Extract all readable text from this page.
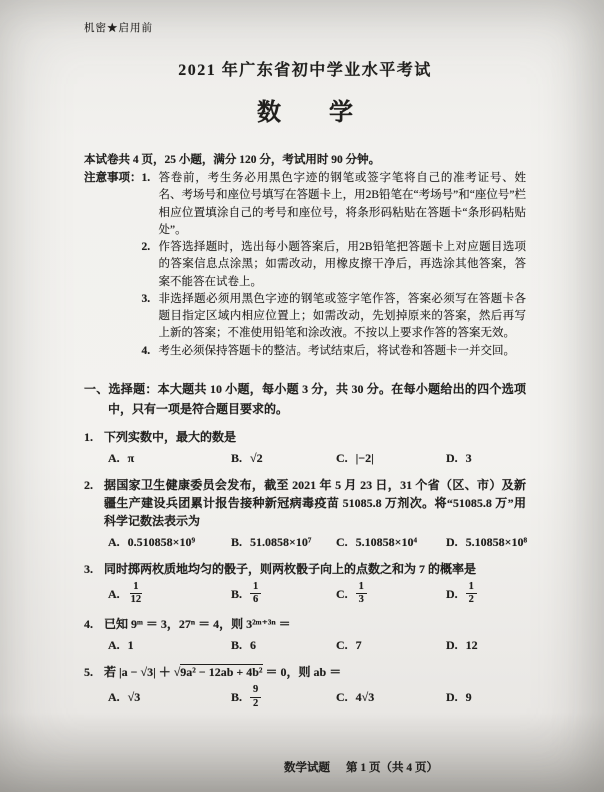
机密★启用前
2021 年广东省初中学业水平考试
数　学
本试卷共 4 页，25 小题，满分 120 分，考试用时 90 分钟。
注意事项： 1. 答卷前，考生务必用黑色字迹的钢笔或签字笔将自己的准考证号、姓名、考场号和座位号填写在答题卡上，用2B铅笔在“考场号”和“座位号”栏相应位置填涂自己的考号和座位号，将条形码粘贴在答题卡“条形码粘贴处”。
2. 作答选择题时，选出每小题答案后，用2B铅笔把答题卡上对应题目选项的答案信息点涂黑；如需改动，用橡皮擦干净后，再选涂其他答案，答案不能答在试卷上。
3. 非选择题必须用黑色字迹的钢笔或签字笔作答，答案必须写在答题卡各题目指定区域内相应位置上；如需改动，先划掉原来的答案，然后再写上新的答案；不准使用铅笔和涂改液。不按以上要求作答的答案无效。
4. 考生必须保持答题卡的整洁。考试结束后，将试卷和答题卡一并交回。
一、选择题：本大题共 10 小题，每小题 3 分，共 30 分。在每小题给出的四个选项中，只有一项是符合题目要求的。
1. 下列实数中，最大的数是
A. π	B. √2	C. |−2|	D. 3
2. 据国家卫生健康委员会发布，截至 2021 年 5 月 23 日，31 个省（区、市）及新疆生产建设兵团累计报告接种新冠病毒疫苗 51085.8 万剂次。将“51085.8 万”用科学记数法表示为
A. 0.510858×10⁹	B. 51.0858×10⁷ C. 5.10858×10⁴ D. 5.10858×10⁸
3. 同时掷两枚质地均匀的骰子，则两枚骰子向上的点数之和为 7 的概率是
A. $\frac{1}{12}$	B. $\frac{1}{6}$	C. $\frac{1}{3}$	D. $\frac{1}{2}$
4. 已知 9ᵐ ＝ 3，27ⁿ ＝ 4，则 3²ᵐ⁺³ⁿ ＝
A. 1	B. 6	C. 7	D. 12
5. 若 |a − √3| ＋ √9a² − 12ab + 4b² ＝ 0，则 ab ＝
A. √3	B. $\frac{9}{2}$	C. 4√3	D. 9
数学试题 第 1 页（共 4 页）
